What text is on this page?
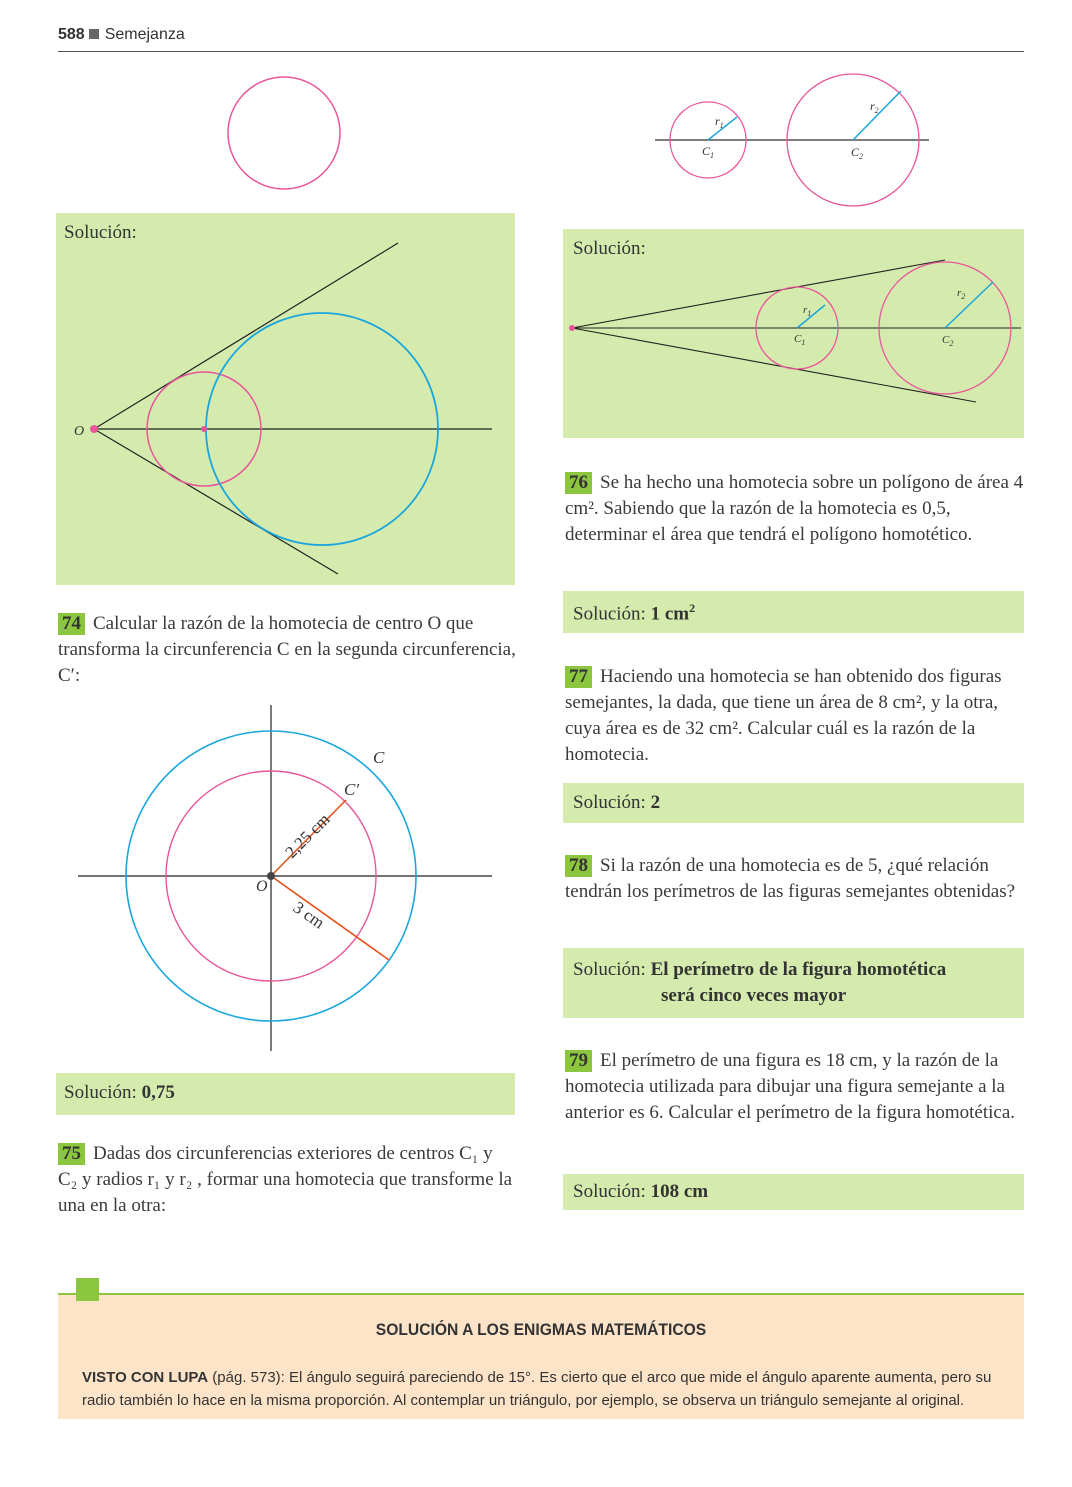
588 Semejanza
$r_1$
$r_2$
$C_1$	$C_2$
Solución:
O
74 Calcular la razón de la homotecia de centro O que transforma la circunferencia C en la segunda circunferencia, C′:
C
C′
O
2,25 cm
3 cm
Solución: 0,75
75 Dadas dos circunferencias exteriores de centros C₁ y C₂ y radios r₁ y r₂ , formar una homotecia que transforme la una en la otra:
Solución:
$r_1$
$r_2$
$C_1$	$C_2$
76 Se ha hecho una homotecia sobre un polígono de área 4 cm². Sabiendo que la razón de la homotecia es 0,5, determinar el área que tendrá el polígono homotético.
Solución: 1 $cm^2$
77 Haciendo una homotecia se han obtenido dos figuras semejantes, la dada, que tiene un área de 8 cm², y la otra, cuya área es de 32 cm². Calcular cuál es la razón de la homotecia.
Solución: 2
78 Si la razón de una homotecia es de 5, ¿qué relación tendrán los perímetros de las figuras semejantes obtenidas?
Solución: El perímetro de la figura homotética
será cinco veces mayor
79 El perímetro de una figura es 18 cm, y la razón de la homotecia utilizada para dibujar una figura semejante a la anterior es 6. Calcular el perímetro de la figura homotética.
Solución: 108 cm
SOLUCIÓN A LOS ENIGMAS MATEMÁTICOS
VISTO CON LUPA (pág. 573): El ángulo seguirá pareciendo de 15°. Es cierto que el arco que mide el ángulo aparente aumenta, pero su radio también lo hace en la misma proporción. Al contemplar un triángulo, por ejemplo, se observa un triángulo semejante al original.
